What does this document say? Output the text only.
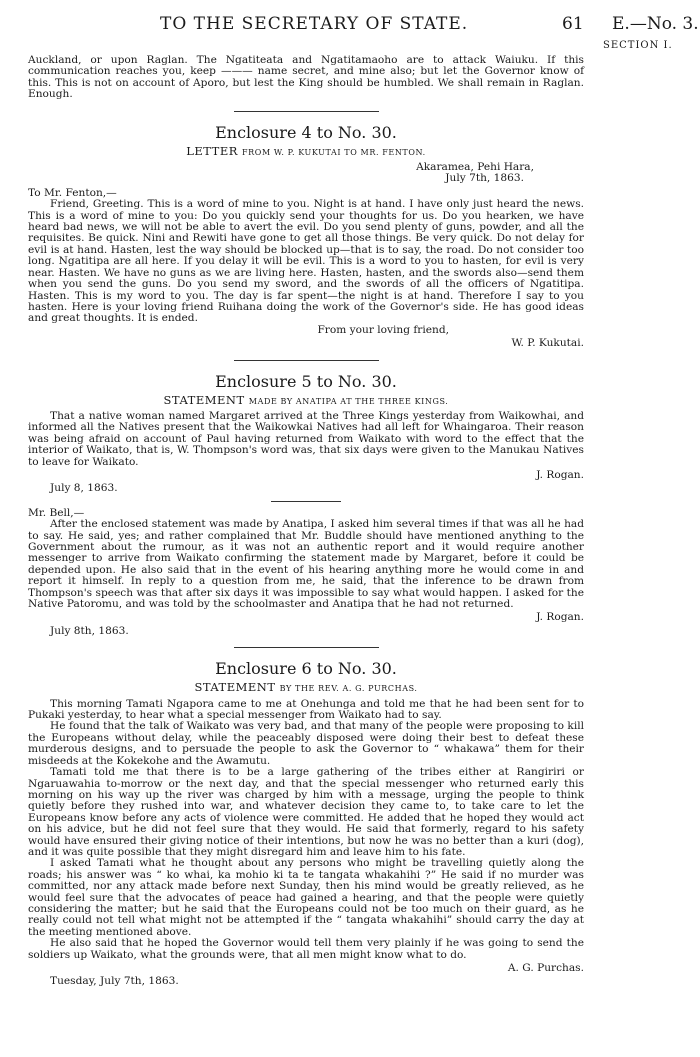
TO THE SECRETARY OF STATE.	61 E.—No. 3.
SECTION I.

Auckland, or upon Raglan. The Ngatiteata and Ngatitamaoho are to attack Waiuku. If this communication reaches you, keep ——— name secret, and mine also; but let the Governor know of this. This is not on account of Aporo, but lest the King should be humbled. We shall remain in Raglan. Enough.

Enclosure 4 to No. 30.
LETTER FROM W. P. KUKUTAI TO MR. FENTON.

Akaramea, Pehi Hara,

July 7th, 1863.

To Mr. Fenton,—

Friend, Greeting. This is a word of mine to you. Night is at hand. I have only just heard the news. This is a word of mine to you: Do you quickly send your thoughts for us. Do you hearken, we have heard bad news, we will not be able to avert the evil. Do you send plenty of guns, powder, and all the requisites. Be quick. Nini and Rewiti have gone to get all those things. Be very quick. Do not delay for evil is at hand. Hasten, lest the way should be blocked up—that is to say, the road. Do not consider too long. Ngatitipa are all here. If you delay it will be evil. This is a word to you to hasten, for evil is very near. Hasten. We have no guns as we are living here. Hasten, hasten, and the swords also—send them when you send the guns. Do you send my sword, and the swords of all the officers of Ngatitipa. Hasten. This is my word to you. The day is far spent—the night is at hand. Therefore I say to you hasten. Here is your loving friend Ruihana doing the work of the Governor's side. He has good ideas and great thoughts. It is ended.

From your loving friend,

W. P. Kukutai.

Enclosure 5 to No. 30.
STATEMENT MADE BY ANATIPA AT THE THREE KINGS.

That a native woman named Margaret arrived at the Three Kings yesterday from Waikowhai, and informed all the Natives present that the Waikowkai Natives had all left for Whaingaroa. Their reason was being afraid on account of Paul having returned from Waikato with word to the effect that the interior of Waikato, that is, W. Thompson's word was, that six days were given to the Manukau Natives to leave for Waikato.

J. Rogan.

July 8, 1863.

Mr. Bell,—

After the enclosed statement was made by Anatipa, I asked him several times if that was all he had to say. He said, yes; and rather complained that Mr. Buddle should have mentioned anything to the Government about the rumour, as it was not an authentic report and it would require another messenger to arrive from Waikato confirming the statement made by Margaret, before it could be depended upon. He also said that in the event of his hearing anything more he would come in and report it himself. In reply to a question from me, he said, that the inference to be drawn from Thompson's speech was that after six days it was impossible to say what would happen. I asked for the Native Patoromu, and was told by the schoolmaster and Anatipa that he had not returned.

J. Rogan.

July 8th, 1863.

Enclosure 6 to No. 30.
STATEMENT BY THE REV. A. G. PURCHAS.

This morning Tamati Ngapora came to me at Onehunga and told me that he had been sent for to Pukaki yesterday, to hear what a special messenger from Waikato had to say.

He found that the talk of Waikato was very bad, and that many of the people were proposing to kill the Europeans without delay, while the peaceably disposed were doing their best to defeat these murderous designs, and to persuade the people to ask the Governor to “ whakawa” them for their misdeeds at the Kokekohe and the Awamutu.

Tamati told me that there is to be a large gathering of the tribes either at Rangiriri or Ngaruawahia to-morrow or the next day, and that the special messenger who returned early this morning on his way up the river was charged by him with a message, urging the people to think quietly before they rushed into war, and whatever decision they came to, to take care to let the Europeans know before any acts of violence were committed. He added that he hoped they would act on his advice, but he did not feel sure that they would. He said that formerly, regard to his safety would have ensured their giving notice of their intentions, but now he was no better than a kuri (dog), and it was quite possible that they might disregard him and leave him to his fate.

I asked Tamati what he thought about any persons who might be travelling quietly along the roads; his answer was “ ko whai, ka mohio ki ta te tangata whakahihi ?” He said if no murder was committed, nor any attack made before next Sunday, then his mind would be greatly relieved, as he would feel sure that the advocates of peace had gained a hearing, and that the people were quietly considering the matter; but he said that the Europeans could not be too much on their guard, as he really could not tell what might not be attempted if the “ tangata whakahihi” should carry the day at the meeting mentioned above.

He also said that he hoped the Governor would tell them very plainly if he was going to send the soldiers up Waikato, what the grounds were, that all men might know what to do.

A. G. Purchas.

Tuesday, July 7th, 1863.
